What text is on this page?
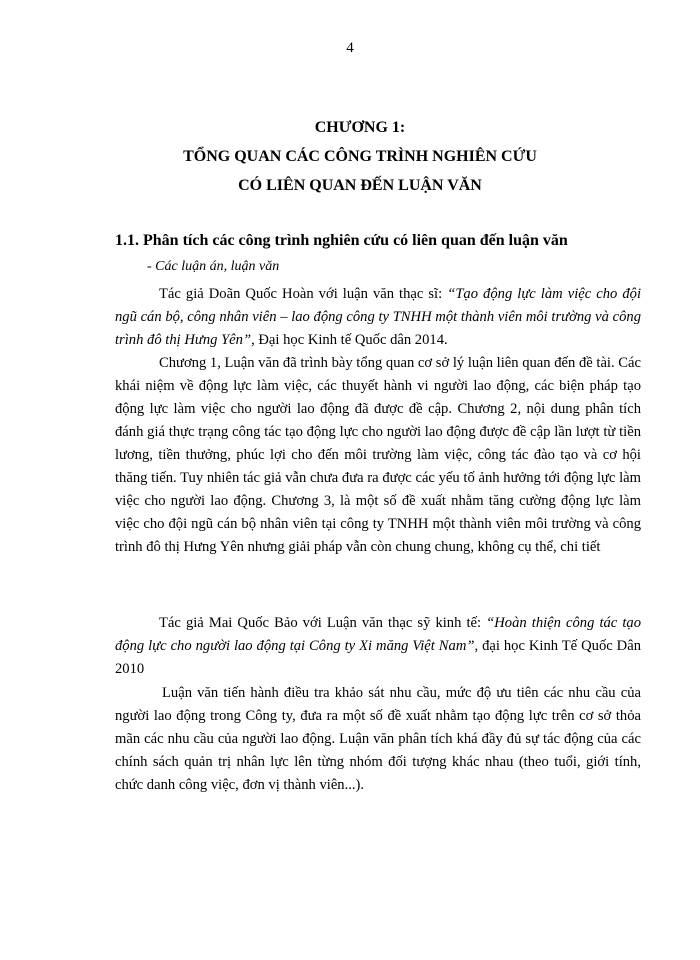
4
CHƯƠNG 1:
TỔNG QUAN CÁC CÔNG TRÌNH NGHIÊN CỨU
CÓ LIÊN QUAN ĐẾN LUẬN VĂN
1.1. Phân tích các công trình nghiên cứu có liên quan đến luận văn
- Các luận án, luận văn

Tác giả Doãn Quốc Hoàn với luận văn thạc sĩ: “Tạo động lực làm việc cho đội ngũ cán bộ, công nhân viên – lao động công ty TNHH một thành viên môi trường và công trình đô thị Hưng Yên”, Đại học Kinh tế Quốc dân 2014.

Chương 1, Luận văn đã trình bày tổng quan cơ sở lý luận liên quan đến đề tài. Các khái niệm về động lực làm việc, các thuyết hành vi người lao động, các biện pháp tạo động lực làm việc cho người lao động đã được đề cập. Chương 2, nội dung phân tích đánh giá thực trạng công tác tạo động lực cho người lao động được đề cập lần lượt từ tiền lương, tiền thưởng, phúc lợi cho đến môi trường làm việc, công tác đào tạo và cơ hội thăng tiến. Tuy nhiên tác giả vẫn chưa đưa ra được các yếu tố ảnh hưởng tới động lực làm việc cho người lao động. Chương 3, là một số đề xuất nhằm tăng cường động lực làm việc cho đội ngũ cán bộ nhân viên tại công ty TNHH một thành viên môi trường và công trình đô thị Hưng Yên nhưng giải pháp vẫn còn chung chung, không cụ thể, chi tiết

Tác giả Mai Quốc Bảo với Luận văn thạc sỹ kinh tế: “Hoàn thiện công tác tạo động lực cho người lao động tại Công ty Xi măng Việt Nam”, đại học Kinh Tế Quốc Dân 2010

Luận văn tiến hành điều tra khảo sát nhu cầu, mức độ ưu tiên các nhu cầu của người lao động trong Công ty, đưa ra một số đề xuất nhằm tạo động lực trên cơ sở thỏa mãn các nhu cầu của người lao động. Luận văn phân tích khá đầy đủ sự tác động của các chính sách quản trị nhân lực lên từng nhóm đối tượng khác nhau (theo tuổi, giới tính, chức danh công việc, đơn vị thành viên...).
